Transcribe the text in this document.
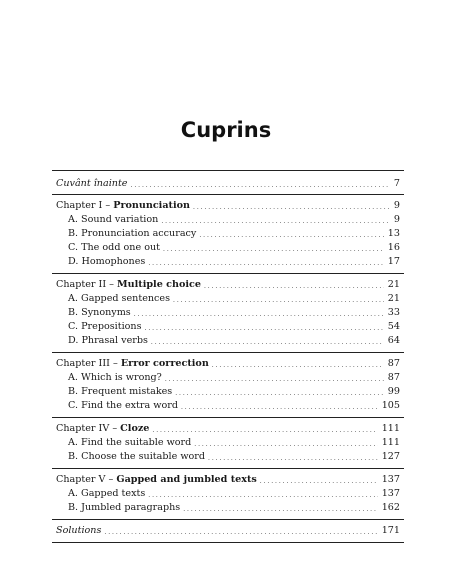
Cuprins
Cuvânt înainte . . .	7
Chapter I – Pronunciation . . .	9
A. Sound variation . . .	9
B. Pronunciation accuracy . . .	13
C. The odd one out . . .	16
D. Homophones . . .	17
Chapter II – Multiple choice . . .	21
A. Gapped sentences . . .	21
B. Synonyms . . .	33
C. Prepositions . . .	54
D. Phrasal verbs . . .	64
Chapter III – Error correction . . .	87
A. Which is wrong? . . .	87
B. Frequent mistakes . . .	99
C. Find the extra word . . .	105
Chapter IV – Cloze . . .	111
A. Find the suitable word . . .	111
B. Choose the suitable word . . .	127
Chapter V – Gapped and jumbled texts . . .	137
A. Gapped texts . . .	137
B. Jumbled paragraphs . . .	162
Solutions . . .	171
